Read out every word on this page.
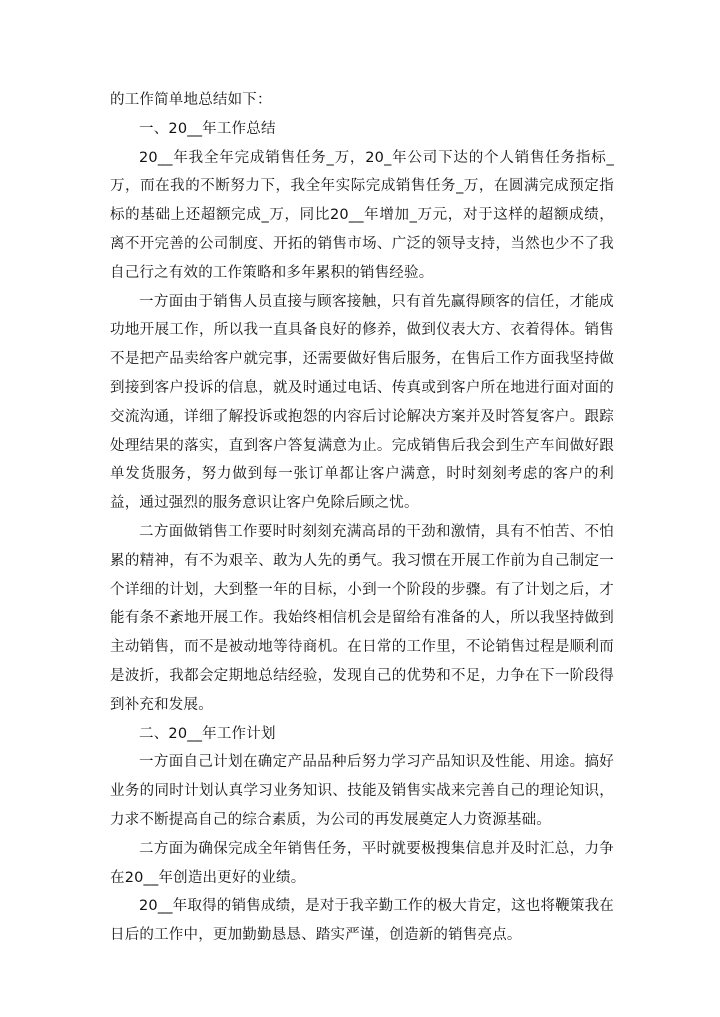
的工作简单地总结如下：

一、20__年工作总结

20__年我全年完成销售任务_万，20_年公司下达的个人销售任务指标_万，而在我的不断努力下，我全年实际完成销售任务_万，在圆满完成预定指标的基础上还超额完成_万，同比20__年增加_万元，对于这样的超额成绩，离不开完善的公司制度、开拓的销售市场、广泛的领导支持，当然也少不了我自己行之有效的工作策略和多年累积的销售经验。

一方面由于销售人员直接与顾客接触，只有首先赢得顾客的信任，才能成功地开展工作，所以我一直具备良好的修养，做到仪表大方、衣着得体。销售不是把产品卖给客户就完事，还需要做好售后服务，在售后工作方面我坚持做到接到客户投诉的信息，就及时通过电话、传真或到客户所在地进行面对面的交流沟通，详细了解投诉或抱怨的内容后讨论解决方案并及时答复客户。跟踪处理结果的落实，直到客户答复满意为止。完成销售后我会到生产车间做好跟单发货服务，努力做到每一张订单都让客户满意，时时刻刻考虑的客户的利益，通过强烈的服务意识让客户免除后顾之忧。

二方面做销售工作要时时刻刻充满高昂的干劲和激情，具有不怕苦、不怕累的精神，有不为艰辛、敢为人先的勇气。我习惯在开展工作前为自己制定一个详细的计划，大到整一年的目标，小到一个阶段的步骤。有了计划之后，才能有条不紊地开展工作。我始终相信机会是留给有准备的人，所以我坚持做到主动销售，而不是被动地等待商机。在日常的工作里，不论销售过程是顺利而是波折，我都会定期地总结经验，发现自己的优势和不足，力争在下一阶段得到补充和发展。

二、20__年工作计划

一方面自己计划在确定产品品种后努力学习产品知识及性能、用途。搞好业务的同时计划认真学习业务知识、技能及销售实战来完善自己的理论知识，力求不断提高自己的综合素质，为公司的再发展奠定人力资源基础。

二方面为确保完成全年销售任务，平时就要极搜集信息并及时汇总，力争在20__年创造出更好的业绩。

20__年取得的销售成绩，是对于我辛勤工作的极大肯定，这也将鞭策我在日后的工作中，更加勤勤恳恳、踏实严谨，创造新的销售亮点。
